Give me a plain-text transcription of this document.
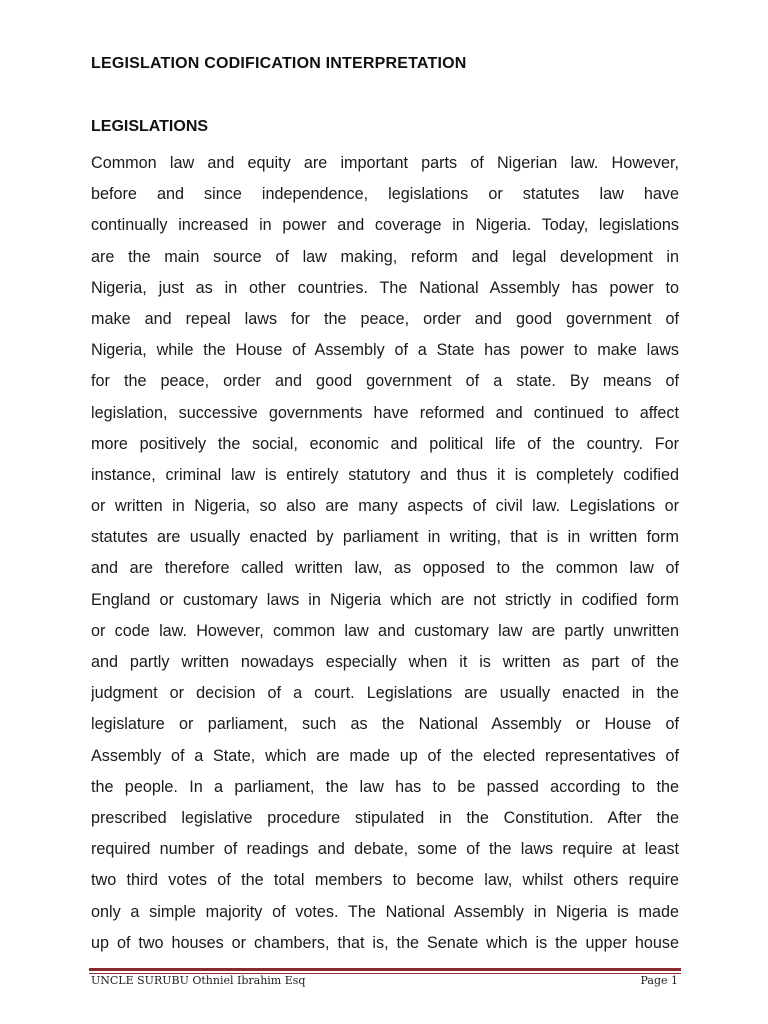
LEGISLATION CODIFICATION INTERPRETATION
LEGISLATIONS
Common law and equity are important parts of Nigerian law. However,
before and since independence, legislations or statutes law have
continually increased in power and coverage in Nigeria. Today, legislations
are the main source of law making, reform and legal development in
Nigeria, just as in other countries. The National Assembly has power to
make and repeal laws for the peace, order and good government of
Nigeria, while the House of Assembly of a State has power to make laws
for the peace, order and good government of a state. By means of
legislation, successive governments have reformed and continued to affect
more positively the social, economic and political life of the country. For
instance, criminal law is entirely statutory and thus it is completely codified
or written in Nigeria, so also are many aspects of civil law. Legislations or
statutes are usually enacted by parliament in writing, that is in written form
and are therefore called written law, as opposed to the common law of
England or customary laws in Nigeria which are not strictly in codified form
or code law. However, common law and customary law are partly unwritten
and partly written nowadays especially when it is written as part of the
judgment or decision of a court. Legislations are usually enacted in the
legislature or parliament, such as the National Assembly or House of
Assembly of a State, which are made up of the elected representatives of
the people. In a parliament, the law has to be passed according to the
prescribed legislative procedure stipulated in the Constitution. After the
required number of readings and debate, some of the laws require at least
two third votes of the total members to become law, whilst others require
only a simple majority of votes. The National Assembly in Nigeria is made
up of two houses or chambers, that is, the Senate which is the upper house
UNCLE SURUBU Othniel Ibrahim Esq	Page 1
